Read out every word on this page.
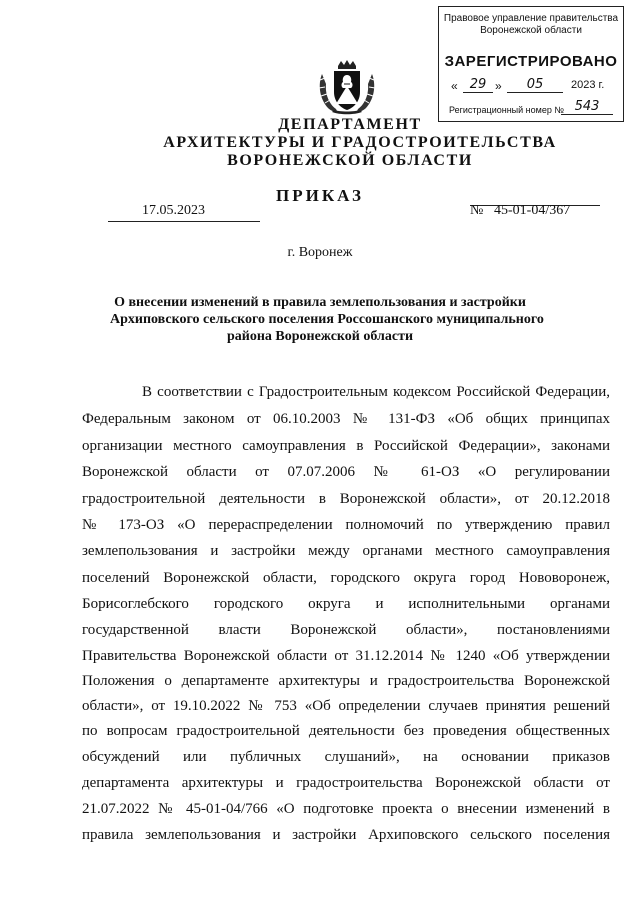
Правовое управление правительства
Воронежской области
ЗАРЕГИСТРИРОВАНО
« 29 »	05	2023 г.
Регистрационный номер № 543
ДЕПАРТАМЕНТ
АРХИТЕКТУРЫ И ГРАДОСТРОИТЕЛЬСТВА
ВОРОНЕЖСКОЙ ОБЛАСТИ
ПРИКАЗ
17.05.2023	№ 45-01-04/367
г. Воронеж
О внесении изменений в правила землепользования и застройки
Архиповского сельского поселения Россошанского муниципального
района Воронежской области
В соответствии с Градостроительным кодексом Российской Федерации,
Федеральным законом от 06.10.2003 № 131-ФЗ «Об общих принципах
организации местного самоуправления в Российской Федерации», законами
Воронежской области от 07.07.2006 № 61-ОЗ «О регулировании
градостроительной деятельности в Воронежской области», от 20.12.2018
№ 173-ОЗ «О перераспределении полномочий по утверждению правил
землепользования и застройки между органами местного самоуправления
поселений Воронежской области, городского округа город Нововоронеж,
Борисоглебского городского округа и исполнительными органами
государственной власти Воронежской области», постановлениями
Правительства Воронежской области от 31.12.2014 № 1240 «Об утверждении
Положения о департаменте архитектуры и градостроительства Воронежской
области», от 19.10.2022 № 753 «Об определении случаев принятия решений
по вопросам градостроительной деятельности без проведения общественных
обсуждений или публичных слушаний», на основании приказов
департамента архитектуры и градостроительства Воронежской области от
21.07.2022 № 45-01-04/766 «О подготовке проекта о внесении изменений в
правила землепользования и застройки Архиповского сельского поселения
